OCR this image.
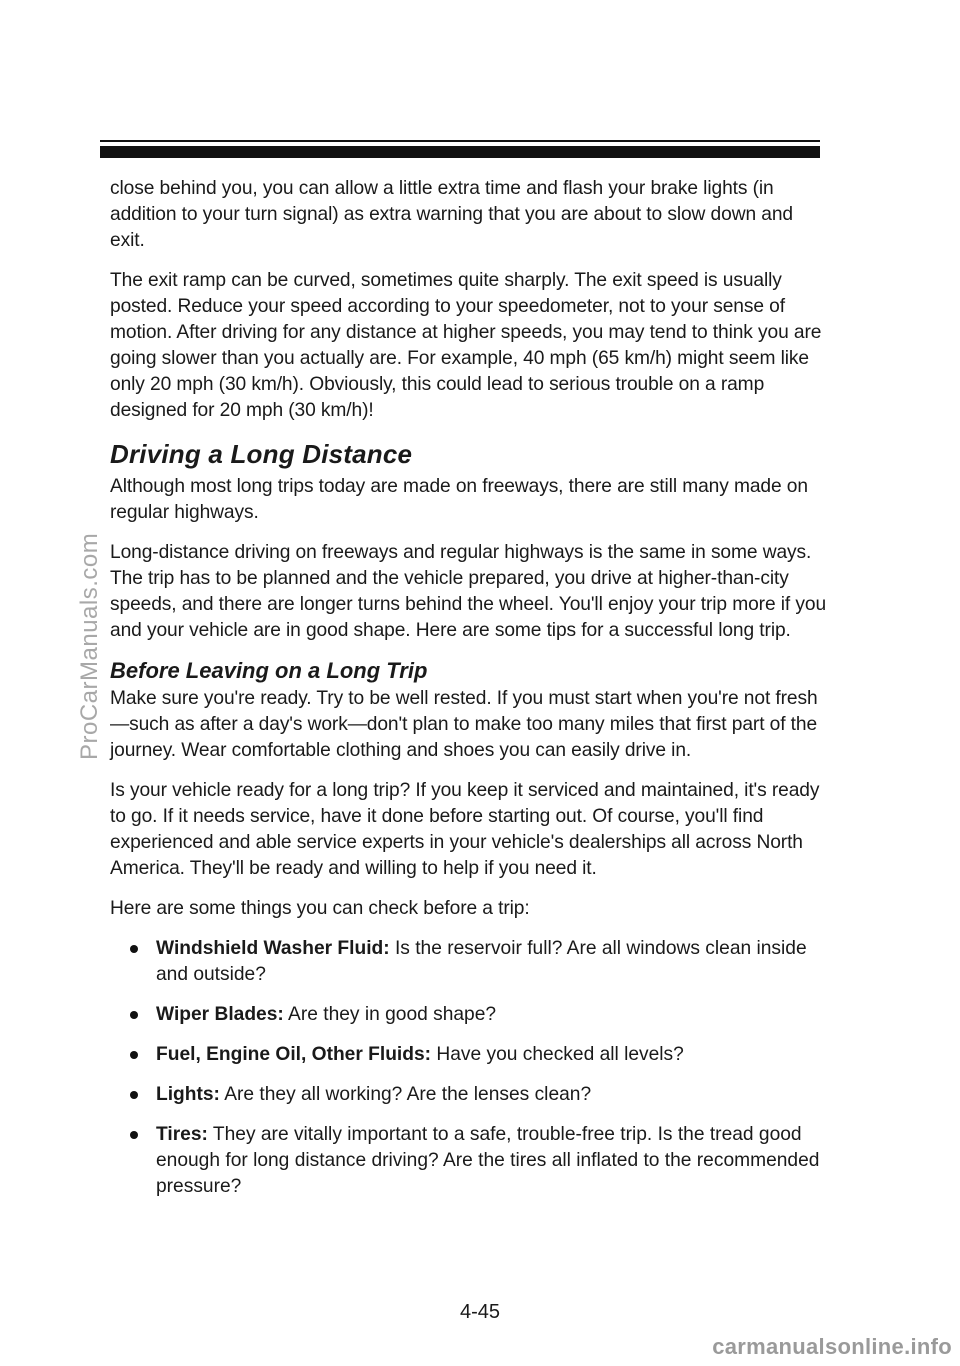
close behind you, you can allow a little extra time and flash your brake lights (in addition to your turn signal) as extra warning that you are about to slow down and exit.

The exit ramp can be curved, sometimes quite sharply. The exit speed is usually posted. Reduce your speed according to your speedometer, not to your sense of motion. After driving for any distance at higher speeds, you may tend to think you are going slower than you actually are. For example, 40 mph (65 km/h) might seem like only 20 mph (30 km/h). Obviously, this could lead to serious trouble on a ramp designed for 20 mph (30 km/h)!

Driving a Long Distance

Although most long trips today are made on freeways, there are still many made on regular highways.

Long-distance driving on freeways and regular highways is the same in some ways. The trip has to be planned and the vehicle prepared, you drive at higher-than-city speeds, and there are longer turns behind the wheel. You'll enjoy your trip more if you and your vehicle are in good shape. Here are some tips for a successful long trip.

Before Leaving on a Long Trip

Make sure you're ready. Try to be well rested. If you must start when you're not fresh—such as after a day's work—don't plan to make too many miles that first part of the journey. Wear comfortable clothing and shoes you can easily drive in.

Is your vehicle ready for a long trip? If you keep it serviced and maintained, it's ready to go. If it needs service, have it done before starting out. Of course, you'll find experienced and able service experts in your vehicle's dealerships all across North America. They'll be ready and willing to help if you need it.

Here are some things you can check before a trip:

Windshield Washer Fluid: Is the reservoir full? Are all windows clean inside and outside?
Wiper Blades: Are they in good shape?
Fuel, Engine Oil, Other Fluids: Have you checked all levels?
Lights: Are they all working? Are the lenses clean?
Tires: They are vitally important to a safe, trouble-free trip. Is the tread good enough for long distance driving? Are the tires all inflated to the recommended pressure?
4-45
ProCarManuals.com
carmanualsonline.info
